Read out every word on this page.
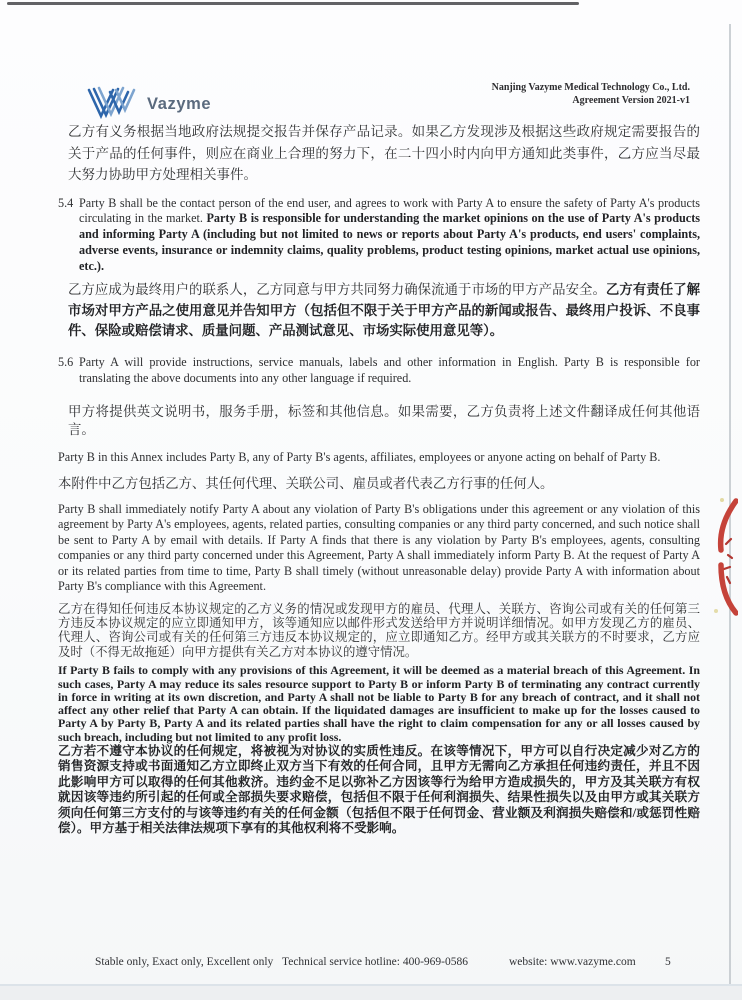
Vazyme
Nanjing Vazyme Medical Technology Co., Ltd.
Agreement Version 2021-v1

乙方有义务根据当地政府法规提交报告并保存产品记录。如果乙方发现涉及根据这些政府规定需要报告的关于产品的任何事件，则应在商业上合理的努力下，在二十四小时内向甲方通知此类事件，乙方应当尽最大努力协助甲方处理相关事件。

5.4 Party B shall be the contact person of the end user, and agrees to work with Party A to ensure the safety of Party A's products circulating in the market. Party B is responsible for understanding the market opinions on the use of Party A's products and informing Party A (including but not limited to news or reports about Party A's products, end users' complaints, adverse events, insurance or indemnity claims, quality problems, product testing opinions, market actual use opinions, etc.).

乙方应成为最终用户的联系人，乙方同意与甲方共同努力确保流通于市场的甲方产品安全。乙方有责任了解市场对甲方产品之使用意见并告知甲方（包括但不限于关于甲方产品的新闻或报告、最终用户投诉、不良事件、保险或赔偿请求、质量问题、产品测试意见、市场实际使用意见等）。

5.6 Party A will provide instructions, service manuals, labels and other information in English. Party B is responsible for translating the above documents into any other language if required.

甲方将提供英文说明书，服务手册，标签和其他信息。如果需要，乙方负责将上述文件翻译成任何其他语言。

Party B in this Annex includes Party B, any of Party B's agents, affiliates, employees or anyone acting on behalf of Party B.

本附件中乙方包括乙方、其任何代理、关联公司、雇员或者代表乙方行事的任何人。

Party B shall immediately notify Party A about any violation of Party B's obligations under this agreement or any violation of this agreement by Party A's employees, agents, related parties, consulting companies or any third party concerned, and such notice shall be sent to Party A by email with details. If Party A finds that there is any violation by Party B's employees, agents, consulting companies or any third party concerned under this Agreement, Party A shall immediately inform Party B. At the request of Party A or its related parties from time to time, Party B shall timely (without unreasonable delay) provide Party A with information about Party B's compliance with this Agreement.

乙方在得知任何违反本协议规定的乙方义务的情况或发现甲方的雇员、代理人、关联方、咨询公司或有关的任何第三方违反本协议规定的应立即通知甲方，该等通知应以邮件形式发送给甲方并说明详细情况。如甲方发现乙方的雇员、代理人、咨询公司或有关的任何第三方违反本协议规定的，应立即通知乙方。经甲方或其关联方的不时要求，乙方应及时（不得无故拖延）向甲方提供有关乙方对本协议的遵守情况。

If Party B fails to comply with any provisions of this Agreement, it will be deemed as a material breach of this Agreement. In such cases, Party A may reduce its sales resource support to Party B or inform Party B of terminating any contract currently in force in writing at its own discretion, and Party A shall not be liable to Party B for any breach of contract, and it shall not affect any other relief that Party A can obtain. If the liquidated damages are insufficient to make up for the losses caused to Party A by Party B, Party A and its related parties shall have the right to claim compensation for any or all losses caused by such breach, including but not limited to any profit loss.

乙方若不遵守本协议的任何规定，将被视为对协议的实质性违反。在该等情况下，甲方可以自行决定减少对乙方的销售资源支持或书面通知乙方立即终止双方当下有效的任何合同，且甲方无需向乙方承担任何违约责任，并且不因此影响甲方可以取得的任何其他救济。违约金不足以弥补乙方因该等行为给甲方造成损失的，甲方及其关联方有权就因该等违约所引起的任何或全部损失要求赔偿，包括但不限于任何利润损失、结果性损失以及由甲方或其关联方须向任何第三方支付的与该等违约有关的任何金额（包括但不限于任何罚金、营业额及利润损失赔偿和/或惩罚性赔偿）。甲方基于相关法律法规项下享有的其他权利将不受影响。

Stable only, Exact only, Excellent only Technical service hotline: 400-969-0586	website: www.vazyme.com	5
